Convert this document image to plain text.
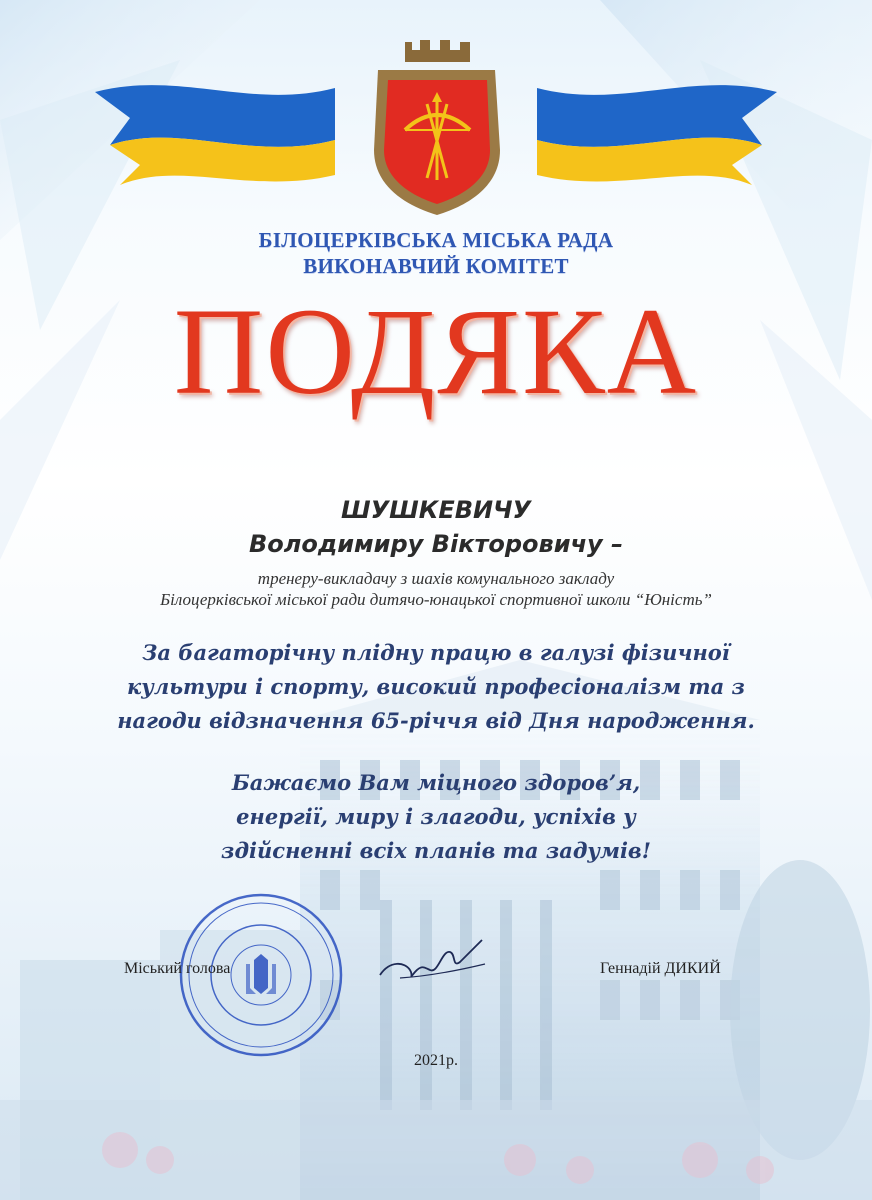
БІЛОЦЕРКІВСЬКА МІСЬКА РАДА
ВИКОНАВЧИЙ КОМІТЕТ
ПОДЯКА
ШУШКЕВИЧУ
Володимиру Вікторовичу –
тренеру-викладачу з шахів комунального закладу
Білоцерківської міської ради дитячо-юнацької спортивної школи “Юність”
За багаторічну плідну працю в галузі фізичної
культури і спорту, високий професіоналізм та з
нагоди відзначення 65-річчя від Дня народження.
Бажаємо Вам міцного здоров’я,
енергії, миру і злагоди, успіхів у
здійсненні всіх планів та задумів!
Міський голова	Геннадій ДИКИЙ
2021р.
